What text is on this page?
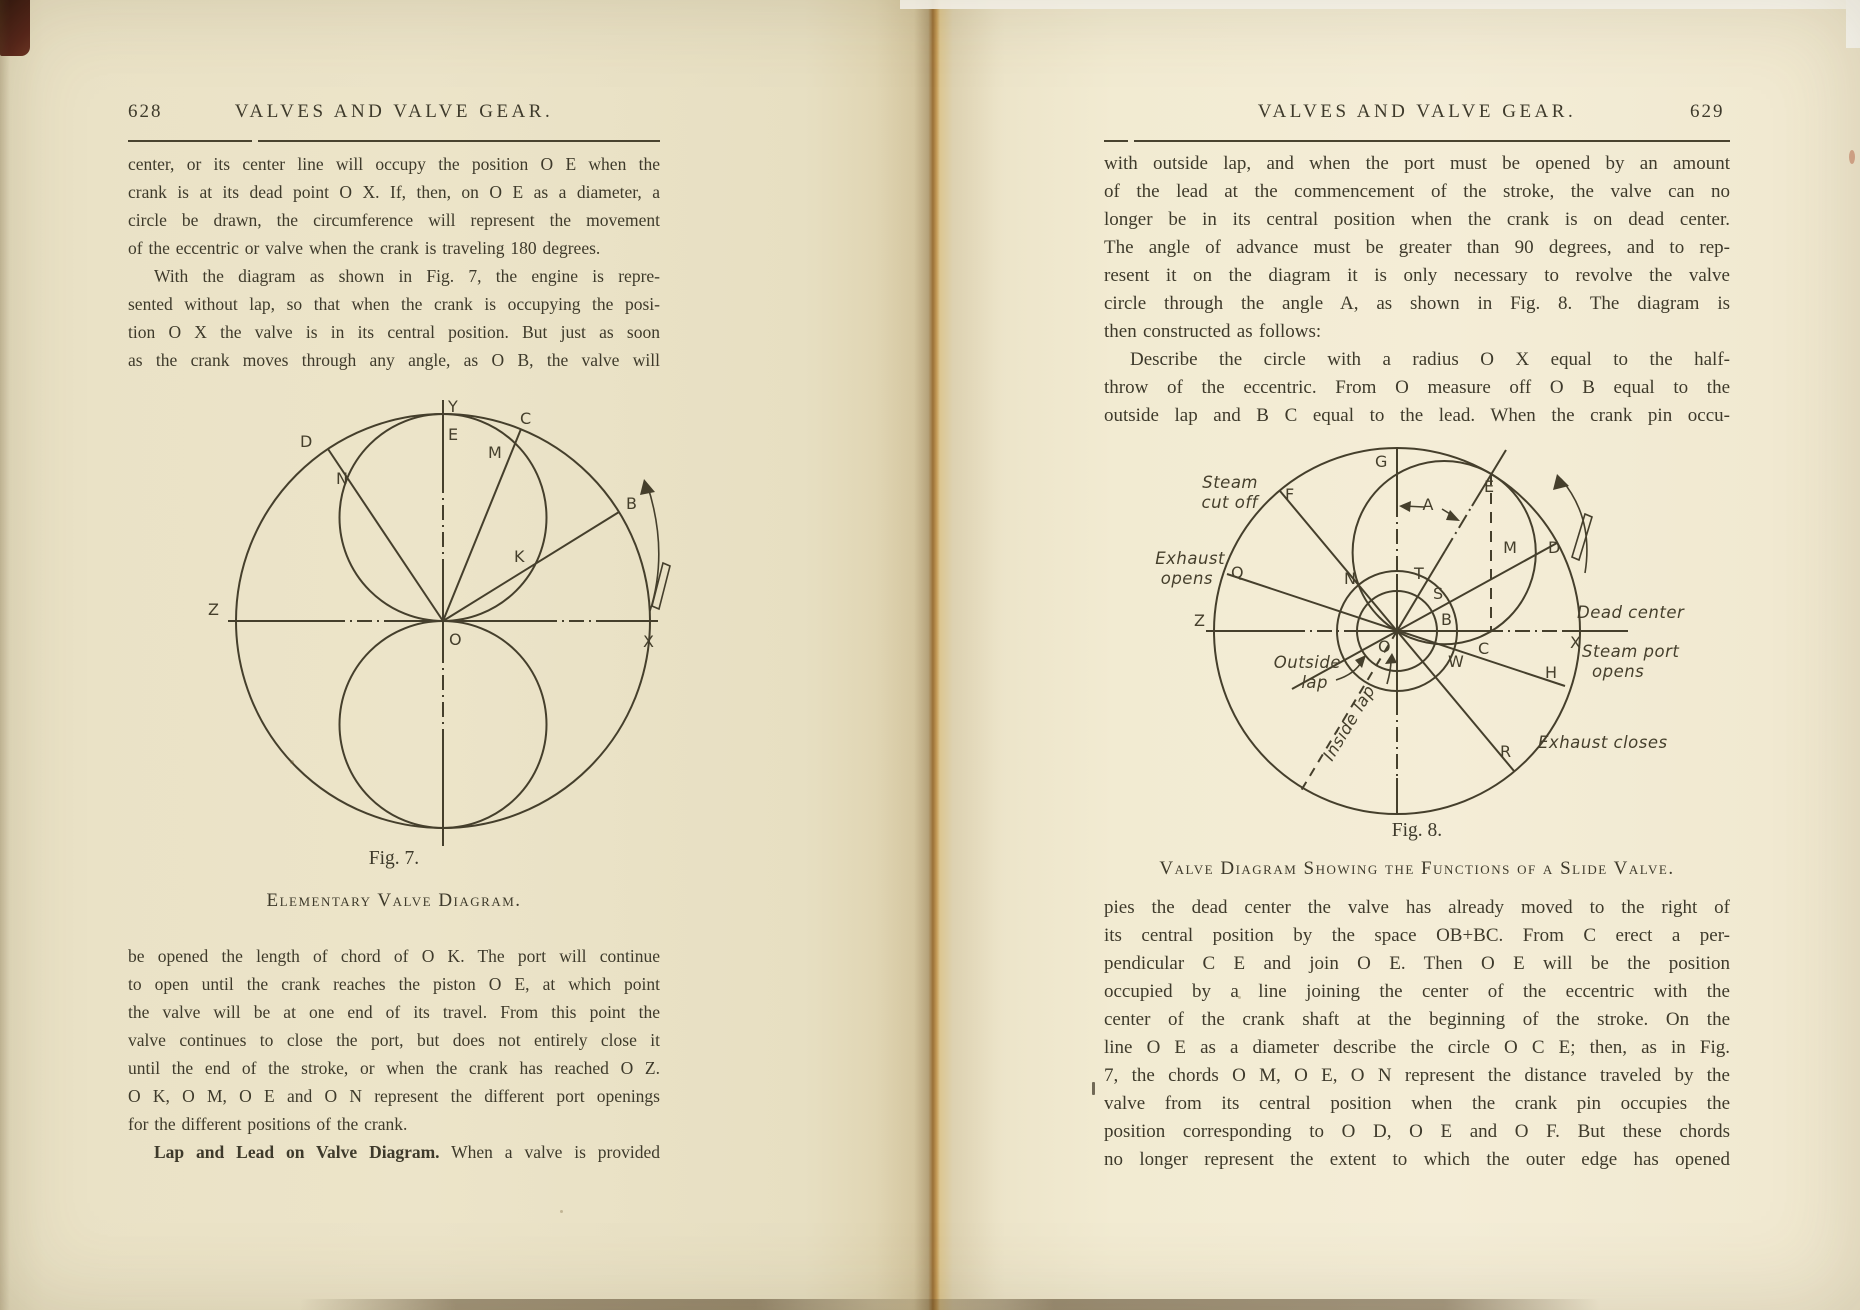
628	VALVES AND VALVE GEAR.
center, or its center line will occupy the position O E when the
crank is at its dead point O X. If, then, on O E as a diameter, a
circle be drawn, the circumference will represent the movement
of the eccentric or valve when the crank is traveling 180 degrees.
With the diagram as shown in Fig. 7, the engine is repre-
sented without lap, so that when the crank is occupying the posi-
tion O X the valve is in its central position. But just as soon
as the crank moves through any angle, as O B, the valve will
Y
E
C
D
M
N
B
K
Z
O	X
Fig. 7.
Elementary Valve Diagram.
be opened the length of chord of O K. The port will continue
to open until the crank reaches the piston O E, at which point
the valve will be at one end of its travel. From this point the
valve continues to close the port, but does not entirely close it
until the end of the stroke, or when the crank has reached O Z.
O K, O M, O E and O N represent the different port openings
for the different positions of the crank.
Lap and Lead on Valve Diagram. When a valve is provided
VALVES AND VALVE GEAR.	629
with outside lap, and when the port must be opened by an amount
of the lead at the commencement of the stroke, the valve can no
longer be in its central position when the crank is on dead center.
The angle of advance must be greater than 90 degrees, and to rep-
resent it on the diagram it is only necessary to revolve the valve
circle through the angle A, as shown in Fig. 8. The diagram is
then constructed as follows:
Describe the circle with a radius O X equal to the half-
throw of the eccentric. From O measure off O B equal to the
outside lap and B C equal to the lead. When the crank pin occu-
G
E
A
F
Q	N	T
S
B
C
W
O
M D
Z
X
H
R
Steam
cut off
Exhaust
opens
Dead center
Steam port
opens
Exhaust closes
Outside
lap
Inside lap
Fig. 8.
Valve Diagram Showing the Functions of a Slide Valve.
pies the dead center the valve has already moved to the right of
its central position by the space OB+BC. From C erect a per-
pendicular C E and join O E. Then O E will be the position
occupied by a line joining the center of the eccentric with the
center of the crank shaft at the beginning of the stroke. On the
line O E as a diameter describe the circle O C E; then, as in Fig.
7, the chords O M, O E, O N represent the distance traveled by the
valve from its central position when the crank pin occupies the
position corresponding to O D, O E and O F. But these chords
no longer represent the extent to which the outer edge has opened
